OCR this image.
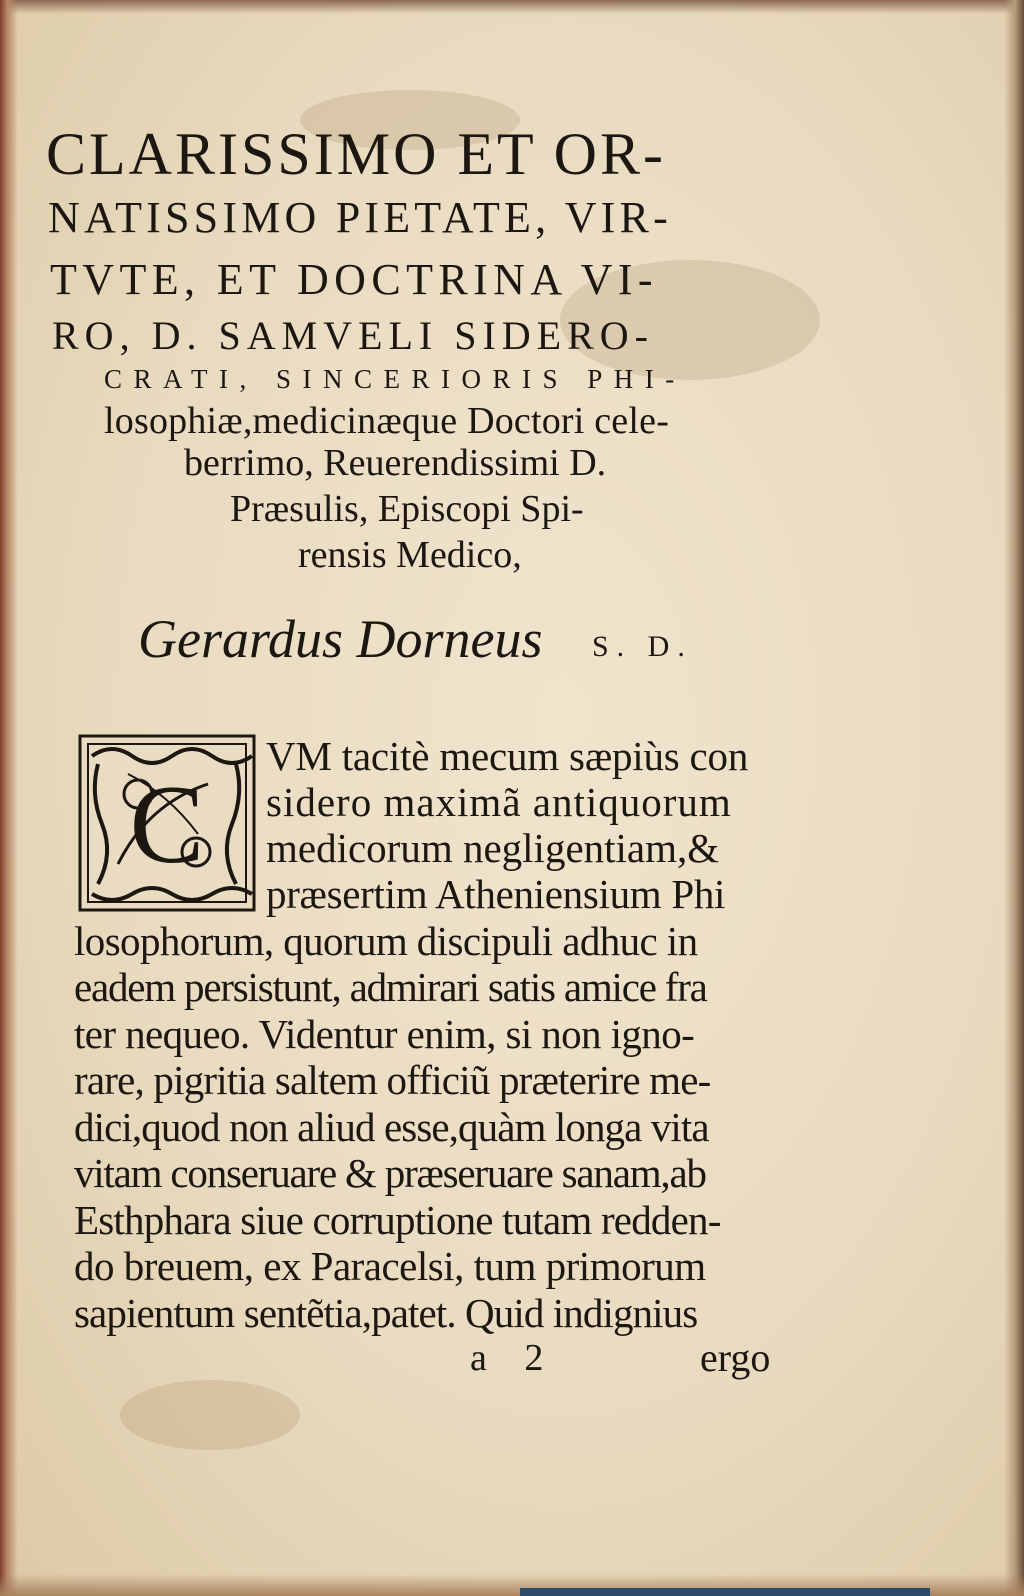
CLARISSIMO ET OR-
NATISSIMO PIETATE, VIR-
TVTE, ET DOCTRINA VI-
RO, D. SAMVELI SIDERO-
CRATI, SINCERIORIS PHI-
losophiæ,medicinæque Doctori cele-
berrimo, Reuerendissimi D.
Præsulis, Episcopi Spi-
rensis Medico,
Gerardus Dorneus S. D.
C
VM tacitè mecum sæpiùs con
sidero maximã antiquorum
medicorum negligentiam,&
præsertim Atheniensium Phi
losophorum, quorum discipuli adhuc in
eadem persistunt, admirari satis amice fra
ter nequeo. Videntur enim, si non igno-
rare, pigritia saltem officiũ præterire me-
dici,quod non aliud esse,quàm longa vita
vitam conseruare & præseruare sanam,ab
Esthphara siue corruptione tutam redden-
do breuem, ex Paracelsi, tum primorum
sapientum sentẽtia,patet. Quid indignius
a 2	ergo
